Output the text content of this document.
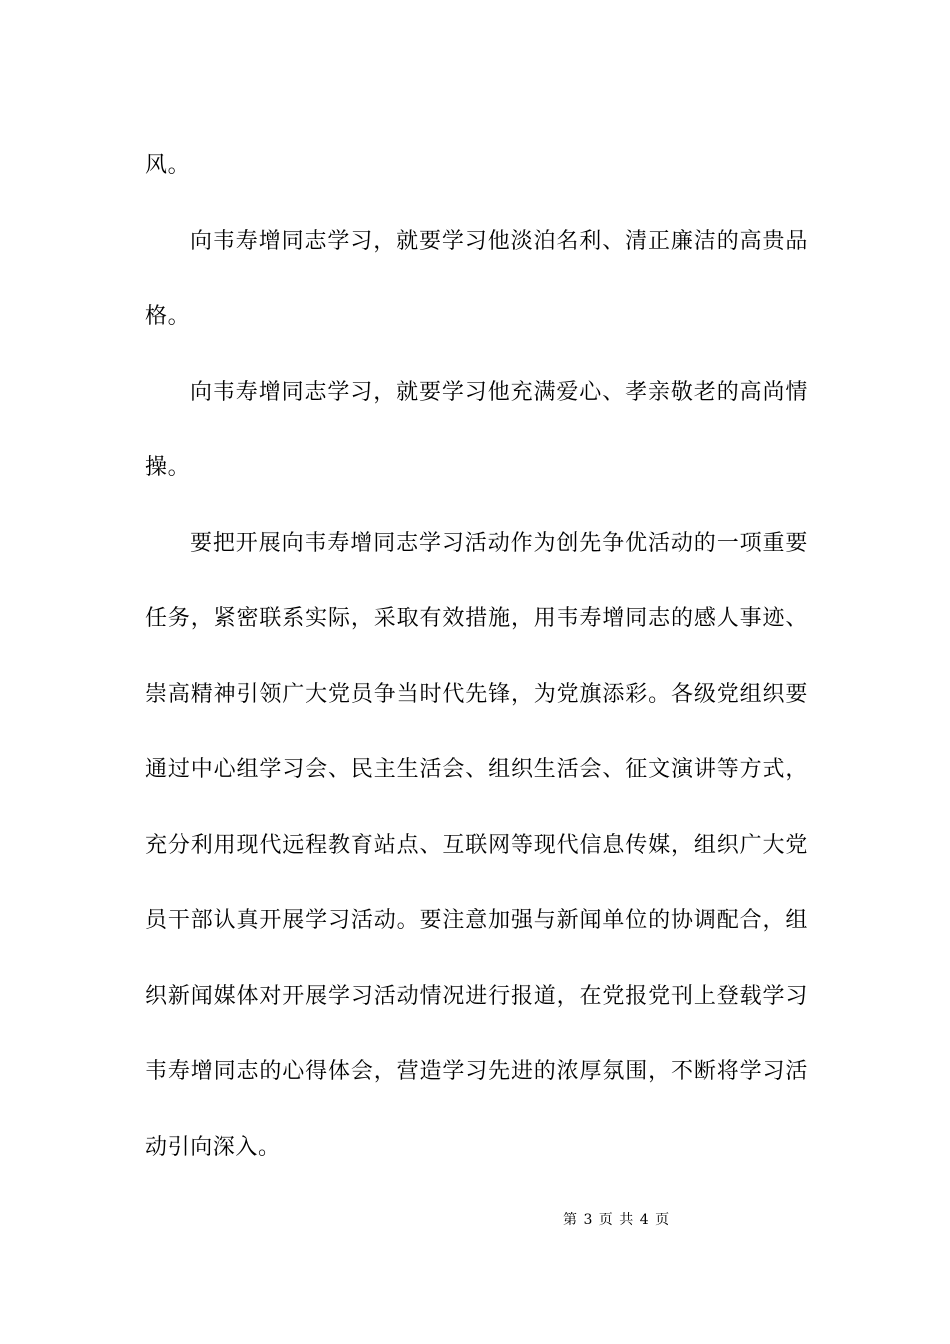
风。

向韦寿增同志学习，就要学习他淡泊名利、清正廉洁的高贵品格。

向韦寿增同志学习，就要学习他充满爱心、孝亲敬老的高尚情操。

要把开展向韦寿增同志学习活动作为创先争优活动的一项重要任务，紧密联系实际，采取有效措施，用韦寿增同志的感人事迹、崇高精神引领广大党员争当时代先锋，为党旗添彩。各级党组织要通过中心组学习会、民主生活会、组织生活会、征文演讲等方式，充分利用现代远程教育站点、互联网等现代信息传媒，组织广大党员干部认真开展学习活动。要注意加强与新闻单位的协调配合，组织新闻媒体对开展学习活动情况进行报道，在党报党刊上登载学习韦寿增同志的心得体会，营造学习先进的浓厚氛围，不断将学习活动引向深入。

第 3 页 共 4 页
